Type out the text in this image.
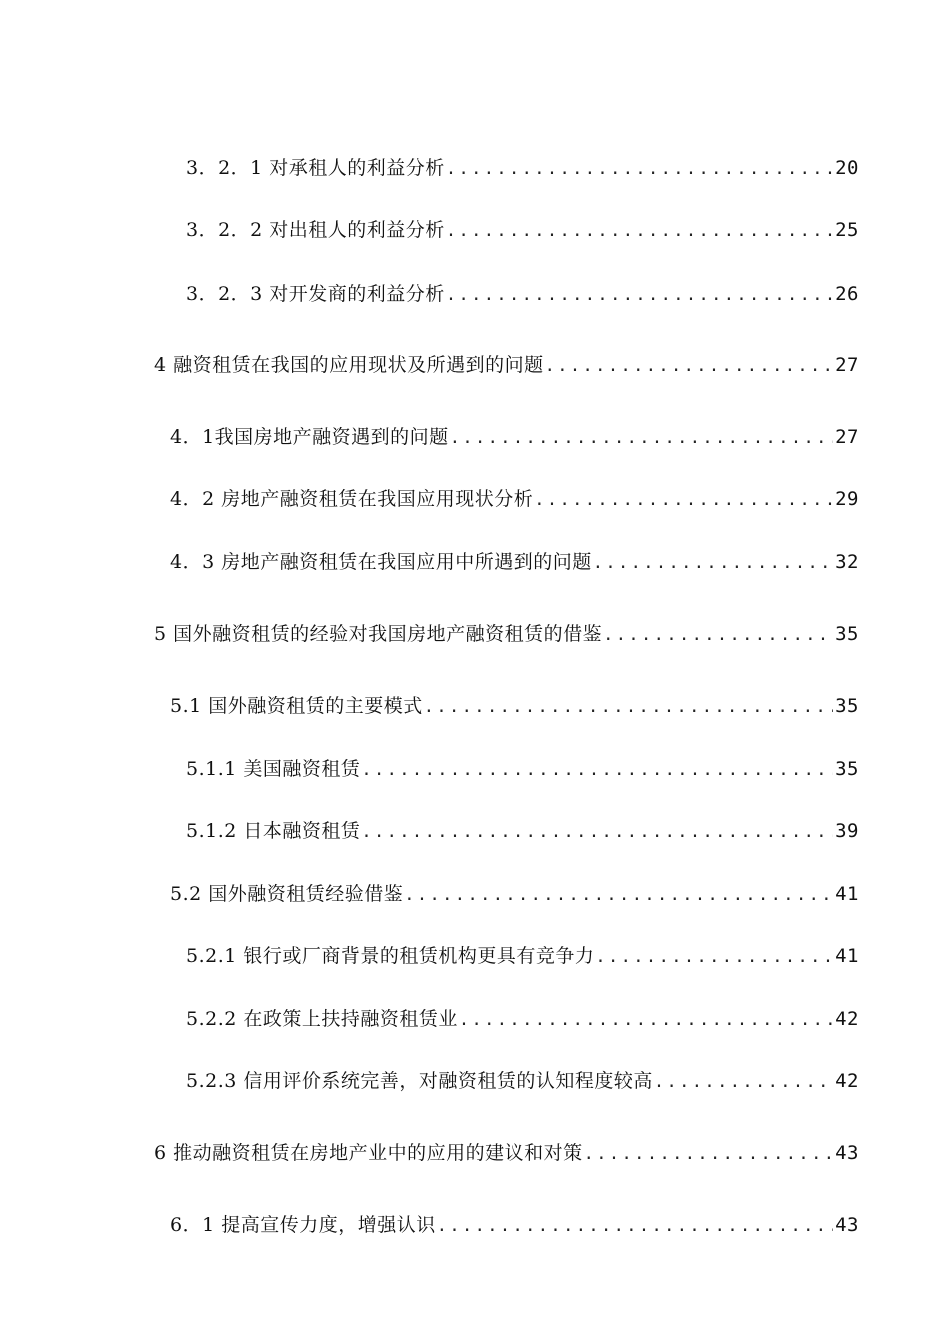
3．2．1 对承租人的利益分析 .....	20
3．2．2 对出租人的利益分析 .....	25
3．2．3 对开发商的利益分析 .....	26
4 融资租赁在我国的应用现状及所遇到的问题 .....	27
4．1我国房地产融资遇到的问题 .....	27
4．2 房地产融资租赁在我国应用现状分析 .....	29
4．3 房地产融资租赁在我国应用中所遇到的问题 .....	32
5 国外融资租赁的经验对我国房地产融资租赁的借鉴 .....	35
5.1 国外融资租赁的主要模式 .....	35
5.1.1 美国融资租赁 .....	35
5.1.2 日本融资租赁 .....	39
5.2 国外融资租赁经验借鉴 .....	41
5.2.1 银行或厂商背景的租赁机构更具有竞争力 .....	41
5.2.2 在政策上扶持融资租赁业 .....	42
5.2.3 信用评价系统完善，对融资租赁的认知程度较高 .....	42
6 推动融资租赁在房地产业中的应用的建议和对策 .....	43
6．1 提高宣传力度，增强认识 .....	43
